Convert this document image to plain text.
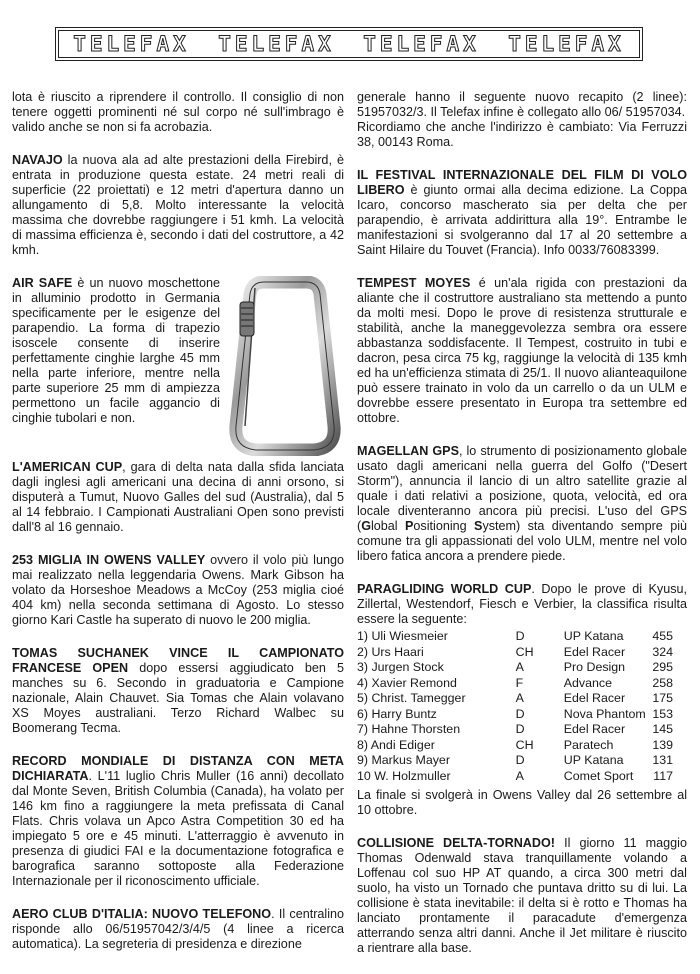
TELEFAX TELEFAX TELEFAX TELEFAX

lota è riuscito a riprendere il controllo. Il consiglio di non tenere oggetti prominenti né sul corpo né sull'imbrago è valido anche se non si fa acrobazia.

NAVAJO la nuova ala ad alte prestazioni della Firebird, è entrata in produzione questa estate. 24 metri reali di superficie (22 proiettati) e 12 metri d'apertura danno un allungamento di 5,8. Molto interessante la velocità massima che dovrebbe raggiungere i 51 kmh. La velocità di massima efficienza è, secondo i dati del costruttore, a 42 kmh.

AIR SAFE è un nuovo moschettone in alluminio prodotto in Germania specificamente per le esigenze del parapendio. La forma di trapezio isoscele consente di inserire perfettamente cinghie larghe 45 mm nella parte inferiore, mentre nella parte superiore 25 mm di ampiezza permettono un facile aggancio di cinghie tubolari e non.

L'AMERICAN CUP, gara di delta nata dalla sfida lanciata dagli inglesi agli americani una decina di anni orsono, si disputerà a Tumut, Nuovo Galles del sud (Australia), dal 5 al 14 febbraio. I Campionati Australiani Open sono previsti dall'8 al 16 gennaio.

253 MIGLIA IN OWENS VALLEY ovvero il volo più lungo mai realizzato nella leggendaria Owens. Mark Gibson ha volato da Horseshoe Meadows a McCoy (253 miglia cioé 404 km) nella seconda settimana di Agosto. Lo stesso giorno Kari Castle ha superato di nuovo le 200 miglia.

TOMAS SUCHANEK VINCE IL CAMPIONATO FRANCESE OPEN dopo essersi aggiudicato ben 5 manches su 6. Secondo in graduatoria e Campione nazionale, Alain Chauvet. Sia Tomas che Alain volavano XS Moyes australiani. Terzo Richard Walbec su Boomerang Tecma.

RECORD MONDIALE DI DISTANZA CON META DICHIARATA. L'11 luglio Chris Muller (16 anni) decollato dal Monte Seven, British Columbia (Canada), ha volato per 146 km fino a raggiungere la meta prefissata di Canal Flats. Chris volava un Apco Astra Competition 30 ed ha impiegato 5 ore e 45 minuti. L'atterraggio è avvenuto in presenza di giudici FAI e la documentazione fotografica e barografica saranno sottoposte alla Federazione Internazionale per il riconoscimento ufficiale.

AERO CLUB D'ITALIA: NUOVO TELEFONO. Il centralino risponde allo 06/51957042/3/4/5 (4 linee a ricerca automatica). La segreteria di presidenza e direzione

generale hanno il seguente nuovo recapito (2 linee): 51957032/3. Il Telefax infine è collegato allo 06/ 51957034.

Ricordiamo che anche l'indirizzo è cambiato: Via Ferruzzi 38, 00143 Roma.

IL FESTIVAL INTERNAZIONALE DEL FILM DI VOLO LIBERO è giunto ormai alla decima edizione. La Coppa Icaro, concorso mascherato sia per delta che per parapendio, è arrivata addirittura alla 19°. Entrambe le manifestazioni si svolgeranno dal 17 al 20 settembre a Saint Hilaire du Touvet (Francia). Info 0033/76083399.

TEMPEST MOYES é un'ala rigida con prestazioni da aliante che il costruttore australiano sta mettendo a punto da molti mesi. Dopo le prove di resistenza strutturale e stabilità, anche la maneggevolezza sembra ora essere abbastanza soddisfacente. Il Tempest, costruito in tubi e dacron, pesa circa 75 kg, raggiunge la velocità di 135 kmh ed ha un'efficienza stimata di 25/1. Il nuovo alianteaquilone può essere trainato in volo da un carrello o da un ULM e dovrebbe essere presentato in Europa tra settembre ed ottobre.

MAGELLAN GPS, lo strumento di posizionamento globale usato dagli americani nella guerra del Golfo ("Desert Storm"), annuncia il lancio di un altro satellite grazie al quale i dati relativi a posizione, quota, velocità, ed ora locale diventeranno ancora più precisi. L'uso del GPS (Global Positioning System) sta diventando sempre più comune tra gli appassionati del volo ULM, mentre nel volo libero fatica ancora a prendere piede.

PARAGLIDING WORLD CUP. Dopo le prove di Kyusu, Zillertal, Westendorf, Fiesch e Verbier, la classifica risulta essere la seguente:

1) Uli Wiesmeier	D	UP Katana	455
2) Urs Haari	CH	Edel Racer	324
3) Jurgen Stock	A	Pro Design	295
4) Xavier Remond	F	Advance	258
5) Christ. Tamegger	A	Edel Racer	175
6) Harry Buntz	D	Nova Phantom	153
7) Hahne Thorsten	D	Edel Racer	145
8) Andi Ediger	CH	Paratech	139
9) Markus Mayer	D	UP Katana	131
10 W. Holzmuller	A	Comet Sport	117

La finale si svolgerà in Owens Valley dal 26 settembre al 10 ottobre.

COLLISIONE DELTA-TORNADO! Il giorno 11 maggio Thomas Odenwald stava tranquillamente volando a Loffenau col suo HP AT quando, a circa 300 metri dal suolo, ha visto un Tornado che puntava dritto su di lui. La collisione è stata inevitabile: il delta si è rotto e Thomas ha lanciato prontamente il paracadute d'emergenza atterrando senza altri danni. Anche il Jet militare è riuscito a rientrare alla base.
